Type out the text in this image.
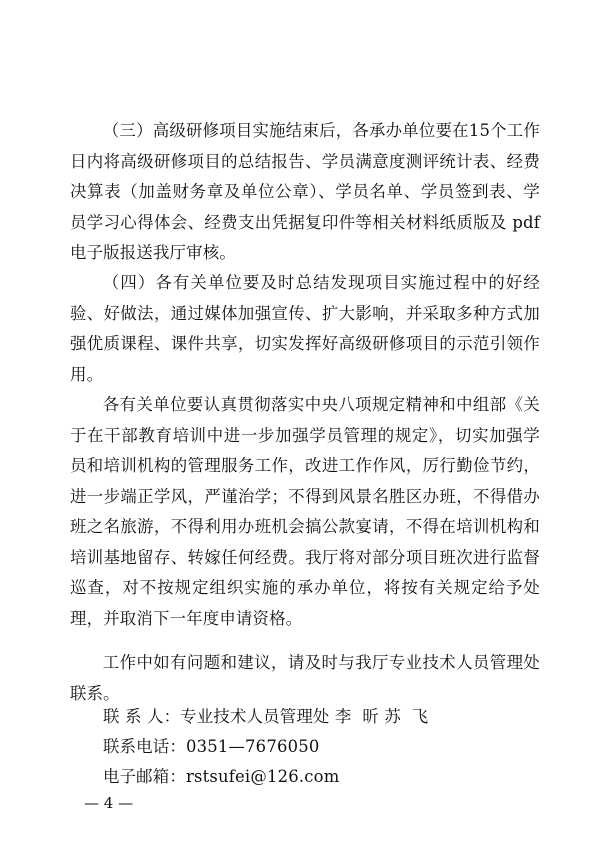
（三）高级研修项目实施结束后，各承办单位要在15个工作日内将高级研修项目的总结报告、学员满意度测评统计表、经费决算表（加盖财务章及单位公章）、学员名单、学员签到表、学员学习心得体会、经费支出凭据复印件等相关材料纸质版及 pdf电子版报送我厅审核。

（四）各有关单位要及时总结发现项目实施过程中的好经验、好做法，通过媒体加强宣传、扩大影响，并采取多种方式加强优质课程、课件共享，切实发挥好高级研修项目的示范引领作用。

各有关单位要认真贯彻落实中央八项规定精神和中组部《关于在干部教育培训中进一步加强学员管理的规定》，切实加强学员和培训机构的管理服务工作，改进工作作风，厉行勤俭节约，进一步端正学风，严谨治学；不得到风景名胜区办班，不得借办班之名旅游，不得利用办班机会搞公款宴请，不得在培训机构和培训基地留存、转嫁任何经费。我厅将对部分项目班次进行监督巡查，对不按规定组织实施的承办单位，将按有关规定给予处理，并取消下一年度申请资格。

工作中如有问题和建议，请及时与我厅专业技术人员管理处联系。

联 系 人：专业技术人员管理处 李  昕 苏  飞
联系电话：0351—7676050
电子邮箱：rstsufei@126.com
— 4 —
